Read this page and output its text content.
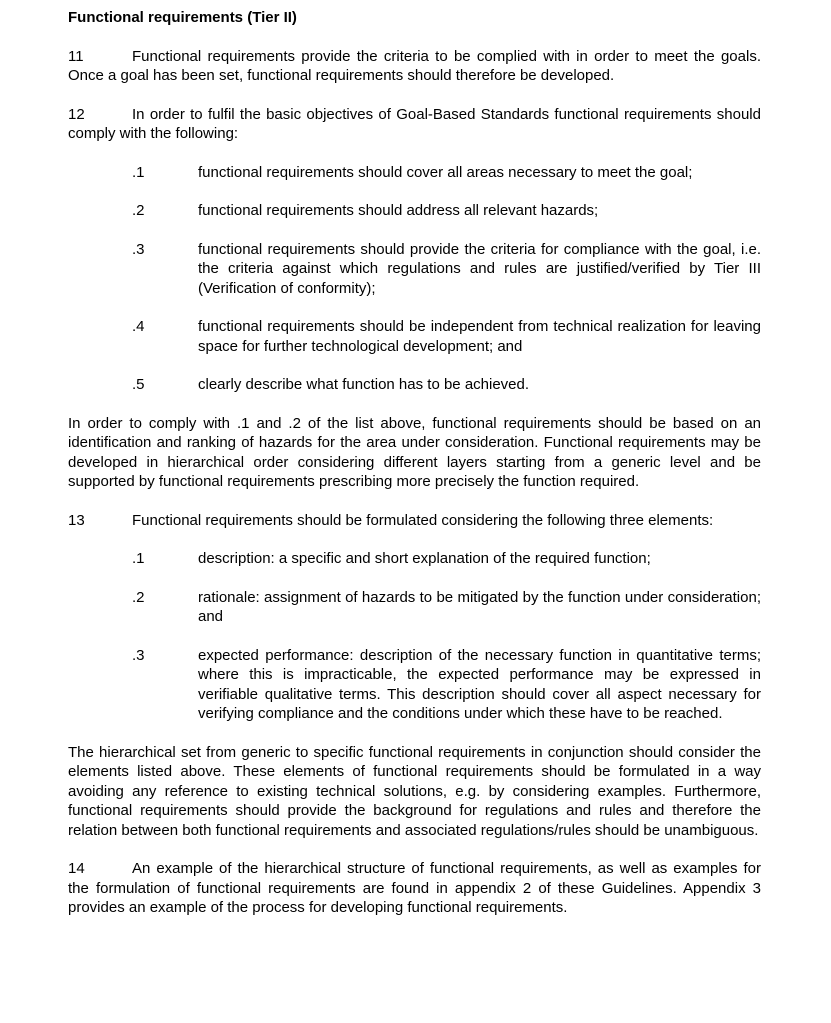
Functional requirements (Tier II)
11	Functional requirements provide the criteria to be complied with in order to meet the goals. Once a goal has been set, functional requirements should therefore be developed.
12	In order to fulfil the basic objectives of Goal-Based Standards functional requirements should comply with the following:
.1	functional requirements should cover all areas necessary to meet the goal;
.2	functional requirements should address all relevant hazards;
.3	functional requirements should provide the criteria for compliance with the goal, i.e. the criteria against which regulations and rules are justified/verified by Tier III (Verification of conformity);
.4	functional requirements should be independent from technical realization for leaving space for further technological development; and
.5	clearly describe what function has to be achieved.
In order to comply with .1 and .2 of the list above, functional requirements should be based on an identification and ranking of hazards for the area under consideration. Functional requirements may be developed in hierarchical order considering different layers starting from a generic level and be supported by functional requirements prescribing more precisely the function required.
13	Functional requirements should be formulated considering the following three elements:
.1	description: a specific and short explanation of the required function;
.2	rationale: assignment of hazards to be mitigated by the function under consideration; and
.3	expected performance: description of the necessary function in quantitative terms; where this is impracticable, the expected performance may be expressed in verifiable qualitative terms. This description should cover all aspect necessary for verifying compliance and the conditions under which these have to be reached.
The hierarchical set from generic to specific functional requirements in conjunction should consider the elements listed above. These elements of functional requirements should be formulated in a way avoiding any reference to existing technical solutions, e.g. by considering examples. Furthermore, functional requirements should provide the background for regulations and rules and therefore the relation between both functional requirements and associated regulations/rules should be unambiguous.
14	An example of the hierarchical structure of functional requirements, as well as examples for the formulation of functional requirements are found in appendix 2 of these Guidelines. Appendix 3 provides an example of the process for developing functional requirements.
